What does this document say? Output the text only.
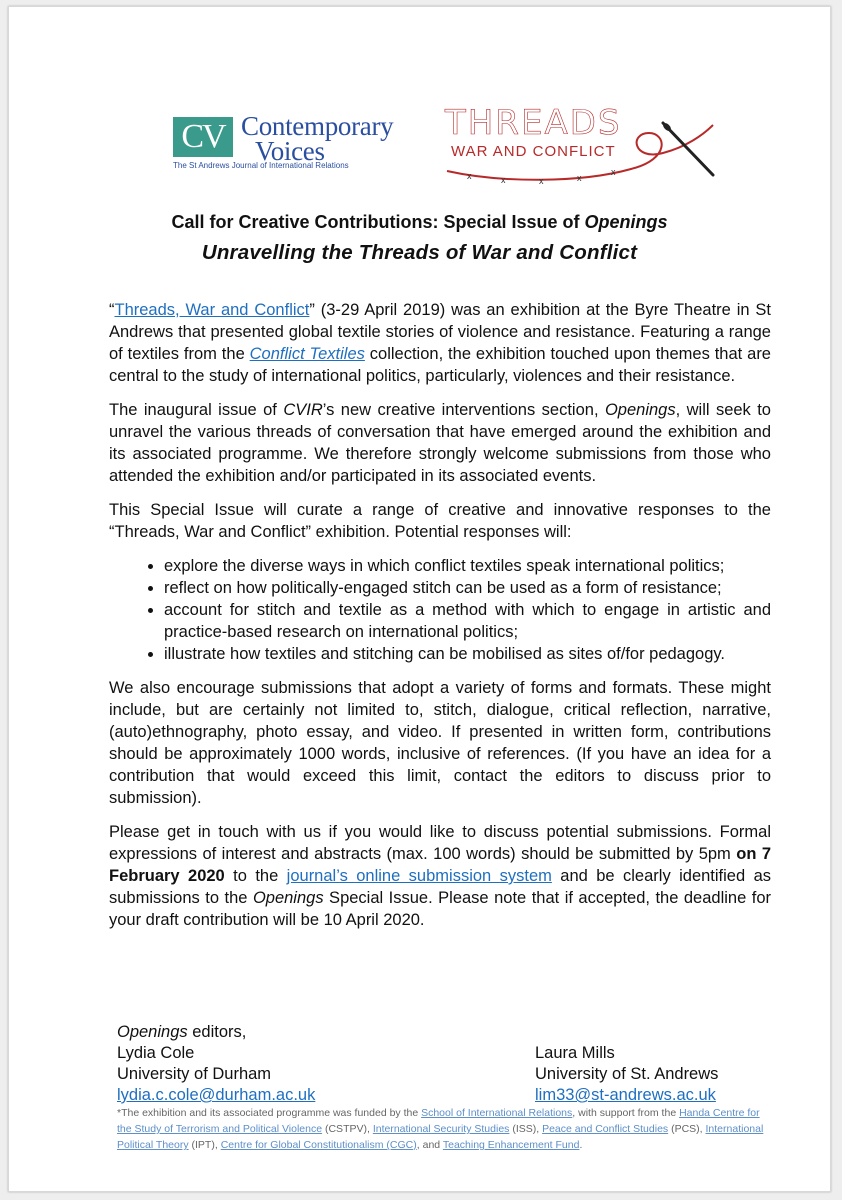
CV Contemporary
Voices
The St Andrews Journal of International Relations
THREADS
WAR AND CONFLICT
x	x	x	x
x
Call for Creative Contributions: Special Issue of Openings
Unravelling the Threads of War and Conflict

“Threads, War and Conflict” (3-29 April 2019) was an exhibition at the Byre Theatre in St Andrews that presented global textile stories of violence and resistance. Featuring a range of textiles from the Conflict Textiles collection, the exhibition touched upon themes that are central to the study of international politics, particularly, violences and their resistance.

The inaugural issue of CVIR’s new creative interventions section, Openings, will seek to unravel the various threads of conversation that have emerged around the exhibition and its associated programme. We therefore strongly welcome submissions from those who attended the exhibition and/or participated in its associated events.

This Special Issue will curate a range of creative and innovative responses to the “Threads, War and Conflict” exhibition. Potential responses will:

• explore the diverse ways in which conflict textiles speak international politics;
• reflect on how politically-engaged stitch can be used as a form of resistance;
• account for stitch and textile as a method with which to engage in artistic and practice-based research on international politics;
• illustrate how textiles and stitching can be mobilised as sites of/for pedagogy.

We also encourage submissions that adopt a variety of forms and formats. These might include, but are certainly not limited to, stitch, dialogue, critical reflection, narrative, (auto)ethnography, photo essay, and video. If presented in written form, contributions should be approximately 1000 words, inclusive of references. (If you have an idea for a contribution that would exceed this limit, contact the editors to discuss prior to submission).

Please get in touch with us if you would like to discuss potential submissions. Formal expressions of interest and abstracts (max. 100 words) should be submitted by 5pm on 7 February 2020 to the journal’s online submission system and be clearly identified as submissions to the Openings Special Issue. Please note that if accepted, the deadline for your draft contribution will be 10 April 2020.

Openings editors,
Lydia Cole
University of Durham
lydia.c.cole@durham.ac.uk
Laura Mills
University of St. Andrews
lim33@st-andrews.ac.uk
*The exhibition and its associated programme was funded by the School of International Relations, with support from the Handa Centre for the Study of Terrorism and Political Violence (CSTPV), International Security Studies (ISS), Peace and Conflict Studies (PCS), International Political Theory (IPT), Centre for Global Constitutionalism (CGC), and Teaching Enhancement Fund.
